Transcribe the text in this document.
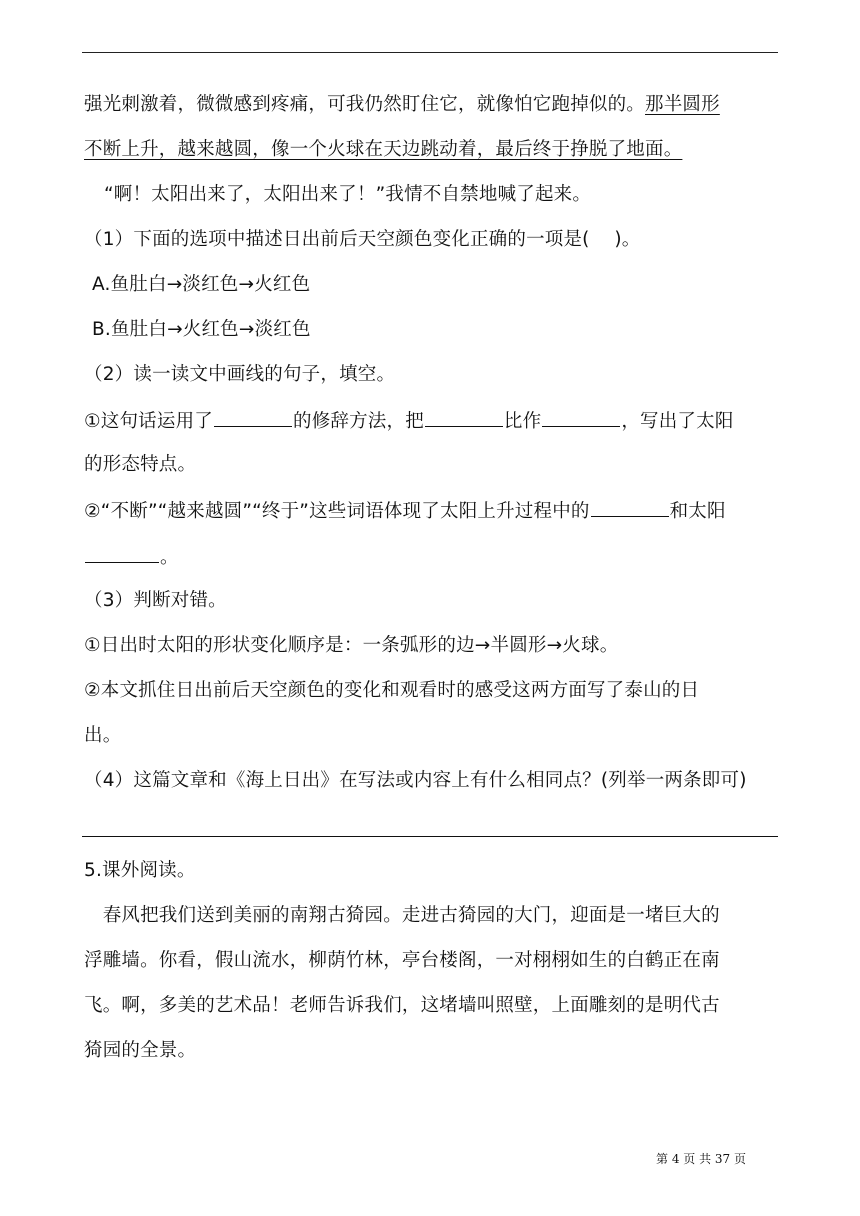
强光刺激着，微微感到疼痛，可我仍然盯住它，就像怕它跑掉似的。那半圆形
不断上升，越来越圆，像一个火球在天边跳动着，最后终于挣脱了地面。
“啊！太阳出来了，太阳出来了！”我情不自禁地喊了起来。
（1）下面的选项中描述日出前后天空颜色变化正确的一项是(　 )。
A.鱼肚白→淡红色→火红色
B.鱼肚白→火红色→淡红色
（2）读一读文中画线的句子，填空。
①这句话运用了	的修辞方法，把	比作	，写出了太阳
的形态特点。
②“不断”“越来越圆”“终于”这些词语体现了太阳上升过程中的	和太阳
。
（3）判断对错。
①日出时太阳的形状变化顺序是：一条弧形的边→半圆形→火球。
②本文抓住日出前后天空颜色的变化和观看时的感受这两方面写了泰山的日
出。
（4）这篇文章和《海上日出》在写法或内容上有什么相同点？(列举一两条即可)
5.课外阅读。
　春风把我们送到美丽的南翔古猗园。走进古猗园的大门，迎面是一堵巨大的
浮雕墙。你看，假山流水，柳荫竹林，亭台楼阁，一对栩栩如生的白鹤正在南
飞。啊，多美的艺术品！老师告诉我们，这堵墙叫照壁，上面雕刻的是明代古
猗园的全景。
第 4 页 共 37 页
